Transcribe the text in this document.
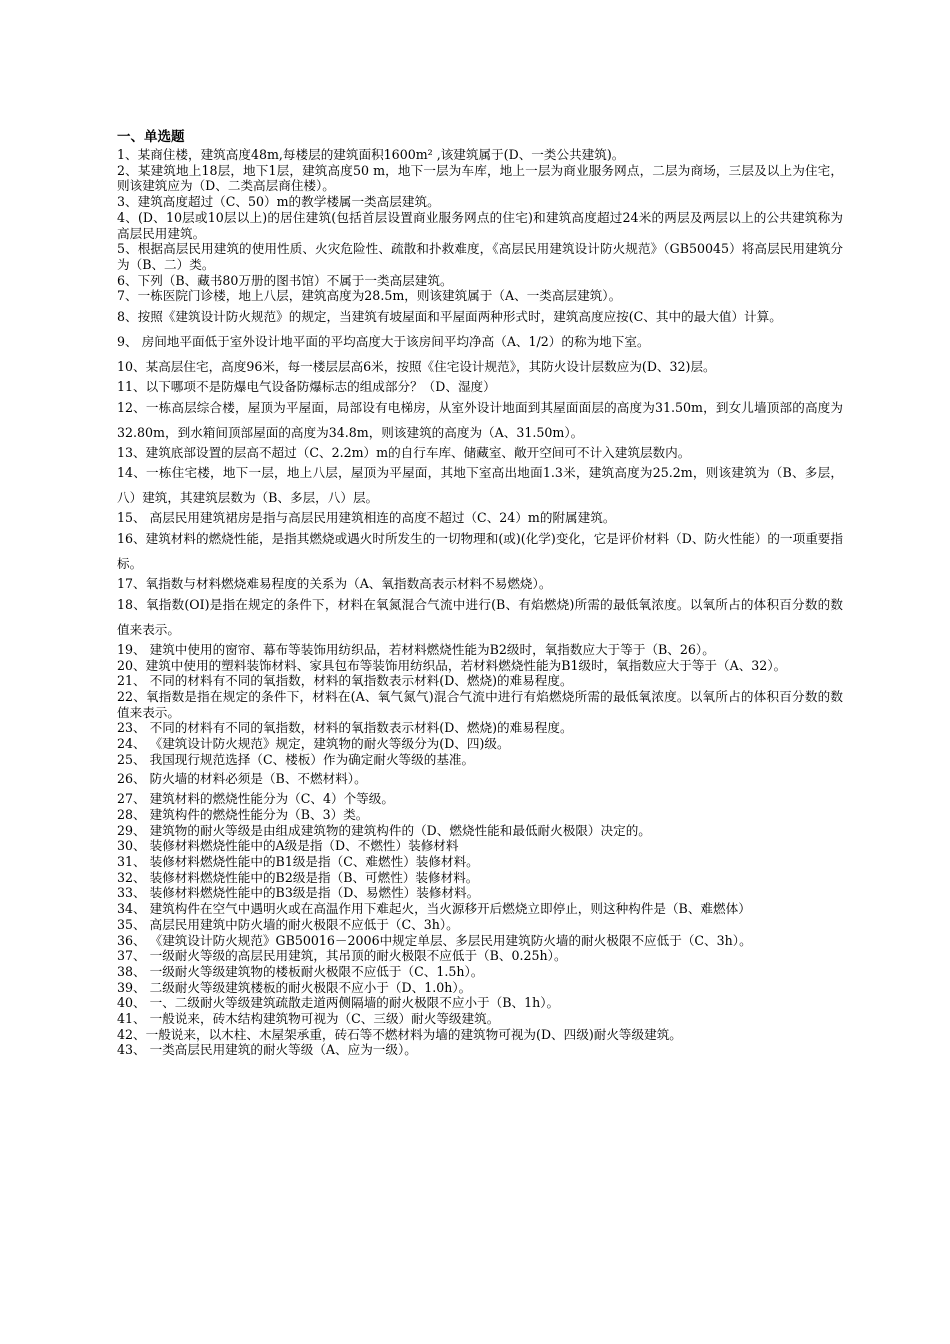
一、单选题

1、某商住楼，建筑高度48m,每楼层的建筑面积1600m² ,该建筑属于(D、一类公共建筑)。

2、某建筑地上18层，地下1层，建筑高度50 m，地下一层为车库，地上一层为商业服务网点，二层为商场，三层及以上为住宅，则该建筑应为（D、二类高层商住楼）。

3、建筑高度超过（C、50）m的教学楼属一类高层建筑。

4、(D、10层或10层以上)的居住建筑(包括首层设置商业服务网点的住宅)和建筑高度超过24米的两层及两层以上的公共建筑称为高层民用建筑。

5、根据高层民用建筑的使用性质、火灾危险性、疏散和扑救难度，《高层民用建筑设计防火规范》（GB50045）将高层民用建筑分为（B、二）类。

6、下列（B、藏书80万册的图书馆）不属于一类高层建筑。

7、一栋医院门诊楼，地上八层，建筑高度为28.5m，则该建筑属于（A、一类高层建筑）。

8、按照《建筑设计防火规范》的规定，当建筑有坡屋面和平屋面两种形式时，建筑高度应按(C、其中的最大值）计算。

9、 房间地平面低于室外设计地平面的平均高度大于该房间平均净高（A、1/2）的称为地下室。

10、某高层住宅，高度96米，每一楼层层高6米，按照《住宅设计规范》，其防火设计层数应为(D、32)层。

11、以下哪项不是防爆电气设备防爆标志的组成部分？（D、湿度）

12、一栋高层综合楼，屋顶为平屋面，局部设有电梯房，从室外设计地面到其屋面面层的高度为31.50m，到女儿墙顶部的高度为32.80m，到水箱间顶部屋面的高度为34.8m，则该建筑的高度为（A、31.50m）。

13、建筑底部设置的层高不超过（C、2.2m）m的自行车库、储藏室、敞开空间可不计入建筑层数内。

14、一栋住宅楼，地下一层，地上八层，屋顶为平屋面，其地下室高出地面1.3米，建筑高度为25.2m，则该建筑为（B、多层，八）建筑，其建筑层数为（B、多层，八）层。

15、 高层民用建筑裙房是指与高层民用建筑相连的高度不超过（C、24）m的附属建筑。

16、建筑材料的燃烧性能，是指其燃烧或遇火时所发生的一切物理和(或)(化学)变化，它是评价材料（D、防火性能）的一项重要指标。

17、氧指数与材料燃烧难易程度的关系为（A、氧指数高表示材料不易燃烧）。

18、氧指数(OI)是指在规定的条件下，材料在氧氮混合气流中进行(B、有焰燃烧)所需的最低氧浓度。以氧所占的体积百分数的数值来表示。

19、 建筑中使用的窗帘、幕布等装饰用纺织品，若材料燃烧性能为B2级时，氧指数应大于等于（B、26）。

20、建筑中使用的塑料装饰材料、家具包布等装饰用纺织品，若材料燃烧性能为B1级时，氧指数应大于等于（A、32）。

21、 不同的材料有不同的氧指数，材料的氧指数表示材料(D、燃烧)的难易程度。

22、氧指数是指在规定的条件下，材料在(A、氧气氮气)混合气流中进行有焰燃烧所需的最低氧浓度。以氧所占的体积百分数的数值来表示。

23、 不同的材料有不同的氧指数，材料的氧指数表示材料(D、燃烧)的难易程度。

24、 《建筑设计防火规范》规定，建筑物的耐火等级分为(D、四)级。

25、 我国现行规范选择（C、楼板）作为确定耐火等级的基准。

26、 防火墙的材料必须是（B、不燃材料）。

27、 建筑材料的燃烧性能分为（C、4）个等级。

28、 建筑构件的燃烧性能分为（B、3）类。

29、 建筑物的耐火等级是由组成建筑物的建筑构件的（D、燃烧性能和最低耐火极限）决定的。

30、 装修材料燃烧性能中的A级是指（D、不燃性）装修材料

31、 装修材料燃烧性能中的B1级是指（C、难燃性）装修材料。

32、 装修材料燃烧性能中的B2级是指（B、可燃性）装修材料。

33、 装修材料燃烧性能中的B3级是指（D、易燃性）装修材料。

34、 建筑构件在空气中遇明火或在高温作用下难起火，当火源移开后燃烧立即停止，则这种构件是（B、难燃体）

35、 高层民用建筑中防火墙的耐火极限不应低于（C、3h）。

36、 《建筑设计防火规范》GB50016－2006中规定单层、多层民用建筑防火墙的耐火极限不应低于（C、3h）。

37、 一级耐火等级的高层民用建筑，其吊顶的耐火极限不应低于（B、0.25h）。

38、 一级耐火等级建筑物的楼板耐火极限不应低于（C、1.5h）。

39、 二级耐火等级建筑楼板的耐火极限不应小于（D、1.0h）。

40、 一、二级耐火等级建筑疏散走道两侧隔墙的耐火极限不应小于（B、1h）。

41、 一般说来，砖木结构建筑物可视为（C、三级）耐火等级建筑。

42、一般说来，以木柱、木屋架承重，砖石等不燃材料为墙的建筑物可视为(D、四级)耐火等级建筑。

43、 一类高层民用建筑的耐火等级（A、应为一级）。
